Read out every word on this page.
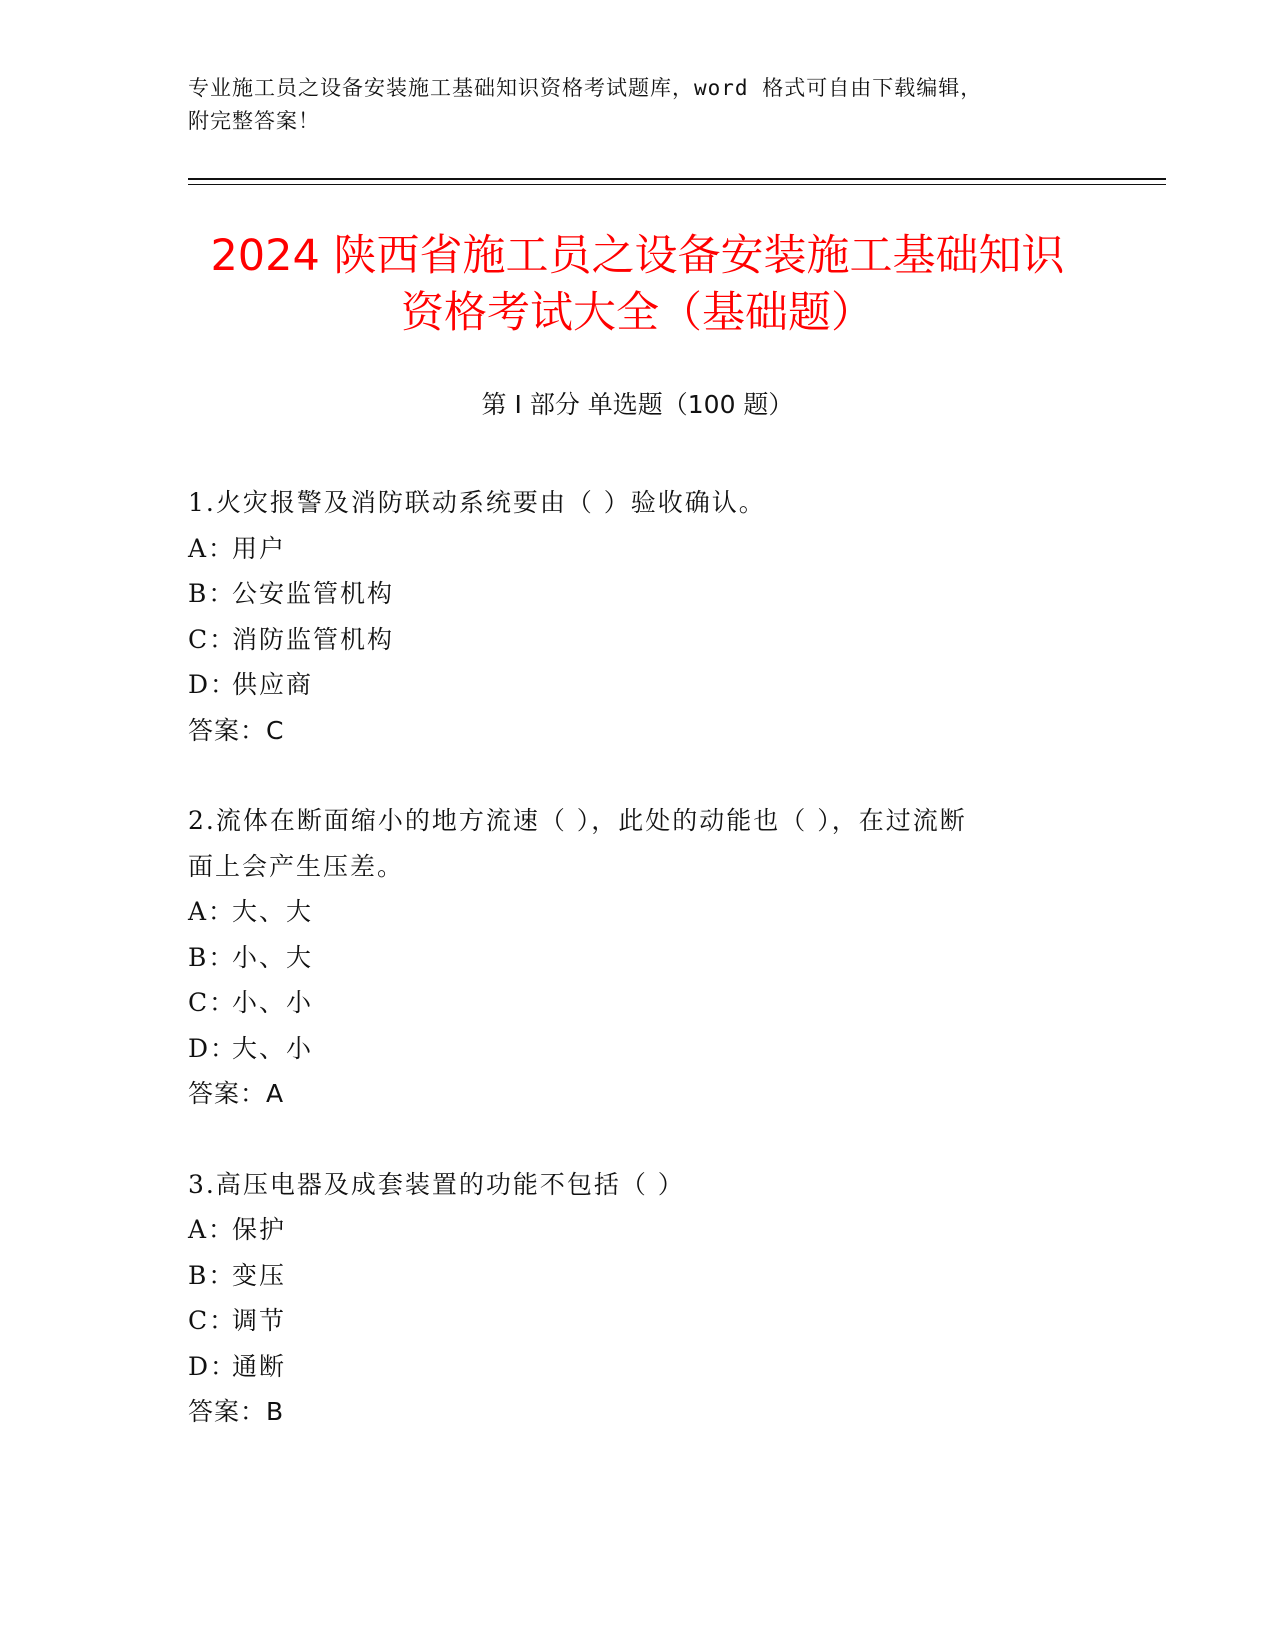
专业施工员之设备安装施工基础知识资格考试题库，word 格式可自由下载编辑，
附完整答案！
2024 陕西省施工员之设备安装施工基础知识
资格考试大全（基础题）
第 I 部分 单选题（100 题）
1.火灾报警及消防联动系统要由（ ）验收确认。
A：用户
B：公安监管机构
C：消防监管机构
D：供应商
答案：C
2.流体在断面缩小的地方流速（ ），此处的动能也（ ），在过流断
面上会产生压差。
A：大、大
B：小、大
C：小、小
D：大、小
答案：A
3.高压电器及成套装置的功能不包括（ ）
A：保护
B：变压
C：调节
D：通断
答案：B
